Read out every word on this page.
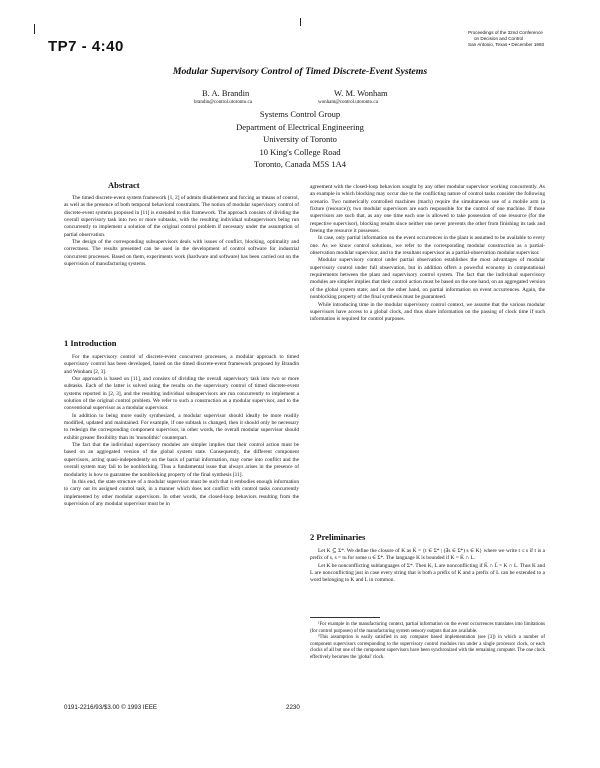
TP7 - 4:40
Proceedings of the 32nd Conference
on Decision and Control
San Antonio, Texas • December 1993
Modular Supervisory Control of Timed Discrete-Event Systems
B. A. Brandin	W. M. Wonham
brandin@control.utoronto.ca	wonham@control.utoronto.ca
Systems Control Group
Department of Electrical Engineering
University of Toronto
10 King's College Road
Toronto, Canada M5S 1A4
Abstract

The timed discrete-event system framework [1, 2] of admits disablement and forcing as means of control, as well as the presence of both temporal behavioral constraints. The notion of modular supervisory control of discrete-event systems proposed in [11] is extended to this framework. The approach consists of dividing the overall supervisory task into two or more subtasks, with the resulting individual subsupervisors being run concurrently to implement a solution of the original control problem if necessary under the assumption of partial observation.

The design of the corresponding subsupervisors deals with issues of conflict, blocking, optimality and correctness. The results presented can be used in the development of control software for industrial concurrent processes. Based on them, experiments work (hardware and software) has been carried out on the supervision of manufacturing systems.

1 Introduction

For the supervisory control of discrete-event concurrent processes, a modular approach to timed supervisory control has been developed, based on the timed discrete-event framework proposed by Brandin and Wonham [2, 3].

Our approach is based on [11], and consists of dividing the overall supervisory task into two or more subtasks. Each of the latter is solved using the results on the supervisory control of timed discrete-event systems reported in [2, 3], and the resulting individual subsupervisors are run concurrently to implement a solution of the original control problem. We refer to such a construction as a modular supervisor, and to the conventional supervisor as a modular supervisor.

In addition to being more easily synthesized, a modular supervisor should ideally be more readily modified, updated and maintained. For example, if one subtask is changed, then it should only be necessary to redesign the corresponding component supervisor, in other words, the overall modular supervisor should exhibit greater flexibility than its 'monolithic' counterpart.

The fact that the individual supervisory modules are simpler implies that their control action must be based on an aggregated version of the global system state. Consequently, the different component supervisors, acting quasi-independently on the basis of partial information, may come into conflict and the overall system may fail to be nonblocking. Thus a fundamental issue that always arises in the presence of modularity is how to guarantee the nonblocking property of the final synthesis [11].

In this end, the state structure of a modular supervisor must be such that it embodies enough information to carry out its assigned control task, in a manner which does not conflict with control tasks concurrently implemented by other modular supervisors. In other words, the closed-loop behaviors resulting from the supervision of any modular supervisor must be in

agreement with the closed-loop behaviors sought by any other modular supervisor working concurrently. As an example in which blocking may occur due to the conflicting nature of control tasks consider the following scenario. Two numerically controlled machines (mach) require the simultaneous use of a mobile arm (a fixture (resource)); two modular supervisors are each responsible for the control of one machine. If those supervisors are such that, as any one time each one is allowed to take possession of one resource (for the respective supervisor), blocking results since neither one never prevents the other from finishing its task and freeing the resource it possesses.

In case, only partial information on the event occurrences in the plant is assumed to be available to every one. As we know control solutions, we refer to the corresponding modular construction as a partial-observation modular supervisor, and to the resultant supervisor as a partial-observation modular supervisor.

Modular supervisory control under partial observation establishes the most advantages of modular supervisory control under full observation, but in addition offers a powerful economy in computational requirements between the plant and supervisory control system. The fact that the individual supervisory modules are simpler implies that their control action must be based on the one hand, on an aggregated version of the global system state; and on the other hand, on partial information on event occurrences. Again, the nonblocking property of the final synthesis must be guaranteed.

While introducing time in the modular supervisory control context, we assume that the various modular supervisors have access to a global clock, and thus share information on the passing of clock time if such information is required for control purposes.

2 Preliminaries

Let K ⊆ Σ*. We define the closure of K as K̄ = {t ∈ Σ* | (∃s ∈ Σ*) s ∈ K} where we write t ≤ s if t is a prefix of s, s = tu for some u ∈ Σ*. The language K is bounded if K = K̄ ∩ L.

Let K be nonconflicting sublanguages of Σ*. Then K, L are nonconflicting if K̄ ∩ L̄ = K ∩ L. Thus K and L are nonconflicting just in case every string that is both a prefix of K and a prefix of L can be extended to a word belonging to K and L in common.

¹For example in the manufacturing context, partial information on the event occurrences translates into limitations (for control purposes) of the manufacturing system sensory outputs that are available.

²This assumption is easily satisfied in any computer based implementation (see [3]) in which a number of component supervisors corresponding to the supervisory control modules run under a single processor clock, or each clocks of all but one of the component supervisors have been synchronized with the remaining computer. The one clock effectively becomes the 'global' clock.

0191-2216/93/$3.00 © 1993 IEEE	2230
